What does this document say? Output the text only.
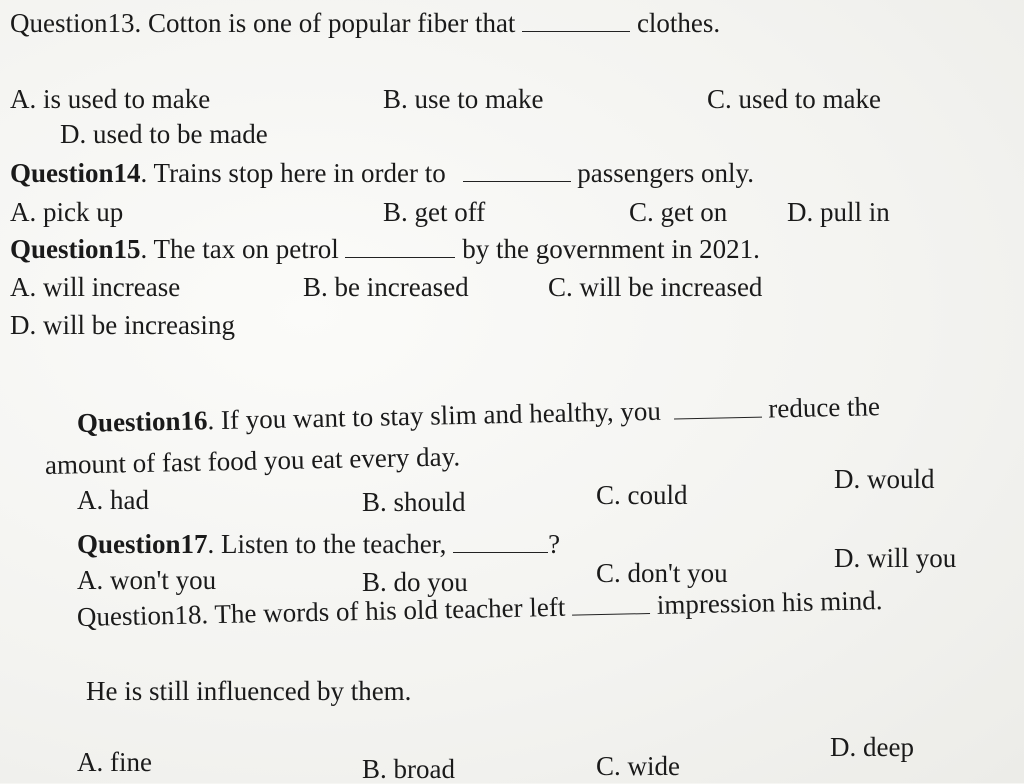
Question13. Cotton is one of popular fiber that	clothes.
A. is used to make	B. use to make	C. used to make
D. used to be made
Question14. Trains stop here in order to	passengers only.
A. pick up	B. get off	C. get on D. pull in
Question15. The tax on petrol	by the government in 2021.
A. will increase	B. be increased	C. will be increased
D. will be increasing
Question16. If you want to stay slim and healthy, you	reduce the
amount of fast food you eat every day.
A. had	B. should	C. could
D. would
Question17. Listen to the teacher,	?
A. won't you	B. do you	C. don't you	D. will you
Question18. The words of his old teacher left	impression his mind.
He is still influenced by them.
A. fine	B. broad	C. wide
D. deep
